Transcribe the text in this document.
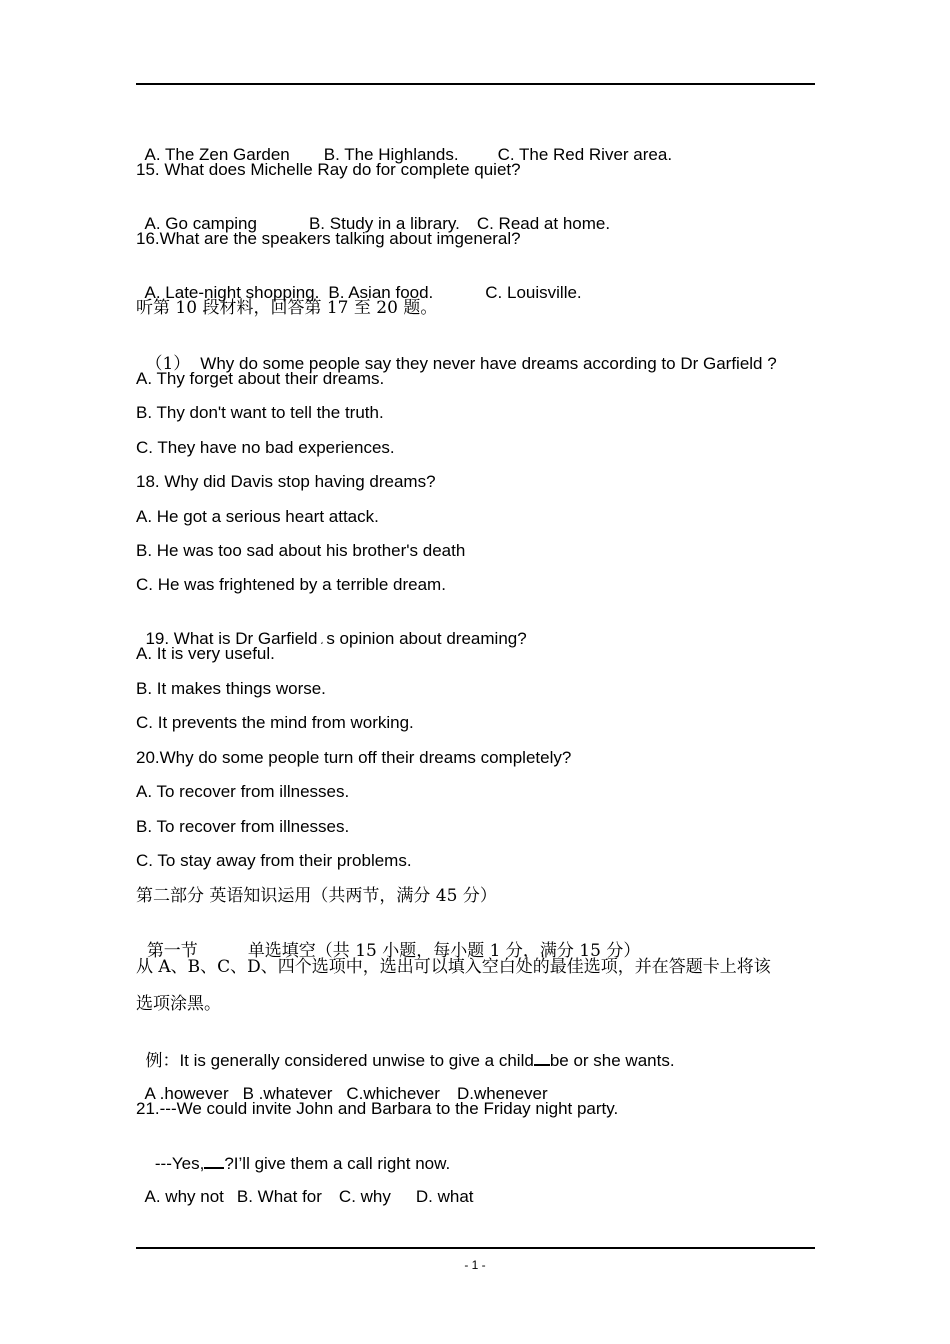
A. The Zen Garden B. The Highlands. C. The Red River area.

15. What does Michelle Ray do for complete quiet?

A. Go camping	B. Study in a library. C. Read at home.

16.What are the speakers talking about imgeneral?

A. Late-night shopping. B. Asian food.	C. Louisville.

听第 10 段材料，回答第 17 至 20 题。

（1） Why do some people say they never have dreams according to Dr Garfield ?

A. Thy forget about their dreams.
B. Thy don't want to tell the truth.
C. They have no bad experiences.
18. Why did Davis stop having dreams?
A. He got a serious heart attack.
B. He was too sad about his brother's death
C. He was frightened by a terrible dream.

19. What is Dr Garfield ، s opinion about dreaming?

A. It is very useful.
B. It makes things worse.
C. It prevents the mind from working.
20.Why do some people turn off their dreams completely?
A. To recover from illnesses.
B. To recover from illnesses.
C. To stay away from their problems.
第二部分 英语知识运用（共两节，满分 45 分）

第一节	单选填空（共 15 小题，每小题 1 分，满分 15 分）

从 A、B、C、D、四个选项中，选出可以填入空白处的最佳选项，并在答题卡上将该
选项涂黑。

例：It is generally considered unwise to give a child be or she wants.

A .however B .whatever C.whichever D.whenever

21.---We could invite John and Barbara to the Friday night party.

---Yes, ?I’ll give them a call right now.

A. why not B. What for C. why D. what

- 1 -
